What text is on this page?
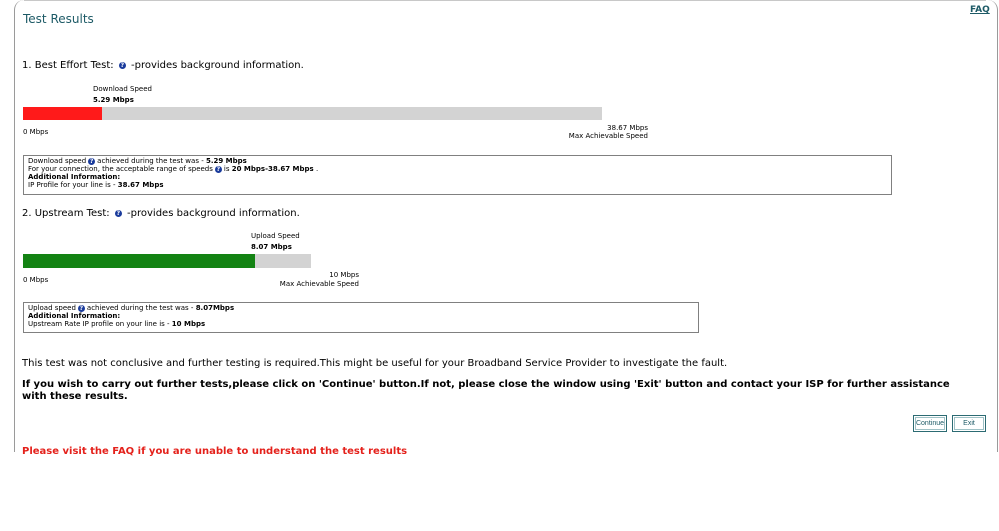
Test Results
FAQ
1. Best Effort Test: ? -provides background information.
Download Speed
5.29 Mbps
0 Mbps	38.67 Mbps
Max Achievable Speed
Download speed ? achieved during the test was - 5.29 Mbps
For your connection, the acceptable range of speeds ? is 20 Mbps-38.67 Mbps .
Additional Information:
IP Profile for your line is - 38.67 Mbps
2. Upstream Test: ? -provides background information.
Upload Speed
8.07 Mbps
0 Mbps
10 Mbps
Max Achievable Speed
Upload speed ? achieved during the test was - 8.07Mbps
Additional Information:
Upstream Rate IP profile on your line is - 10 Mbps
This test was not conclusive and further testing is required.This might be useful for your Broadband Service Provider to investigate the fault.
If you wish to carry out further tests,please click on 'Continue' button.If not, please close the window using 'Exit' button and contact your ISP for further assistance with these results.
Continue	Exit
Please visit the FAQ if you are unable to understand the test results
